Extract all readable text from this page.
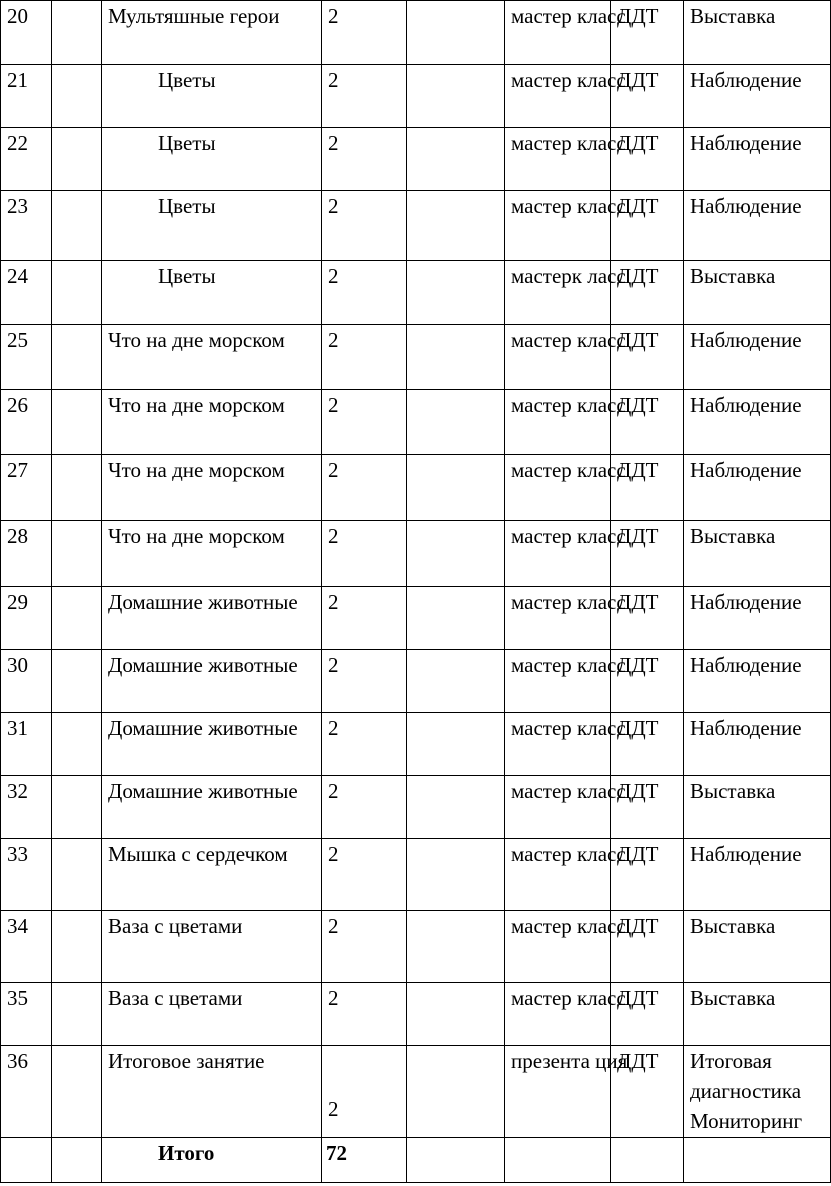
20		Мультяшные герои	2		мастер класс	ДДТ	Выставка
21		Цветы	2		мастер класс	ДДТ	Наблюдение
22		Цветы	2		мастер класс	ДДТ	Наблюдение
23		Цветы	2		мастер класс	ДДТ	Наблюдение
24		Цветы	2		мастерк ласс	ДДТ	Выставка
25		Что на дне морском	2		мастер класс	ДДТ	Наблюдение
26		Что на дне морском	2		мастер класс	ДДТ	Наблюдение
27		Что на дне морском	2		мастер класс	ДДТ	Наблюдение
28		Что на дне морском	2		мастер класс	ДДТ	Выставка
29		Домашние животные	2		мастер класс	ДДТ	Наблюдение
30		Домашние животные	2		мастер класс	ДДТ	Наблюдение
31		Домашние животные	2		мастер класс	ДДТ	Наблюдение
32		Домашние животные	2		мастер класс	ДДТ	Выставка
33		Мышка с сердечком	2		мастер класс	ДДТ	Наблюдение
34		Ваза с цветами	2		мастер класс	ДДТ	Выставка
35		Ваза с цветами	2		мастер класс	ДДТ	Выставка
36		Итоговое занятие	2		презента ция	ДДТ	Итоговая диагностика Мониторинг
		Итого	72				
